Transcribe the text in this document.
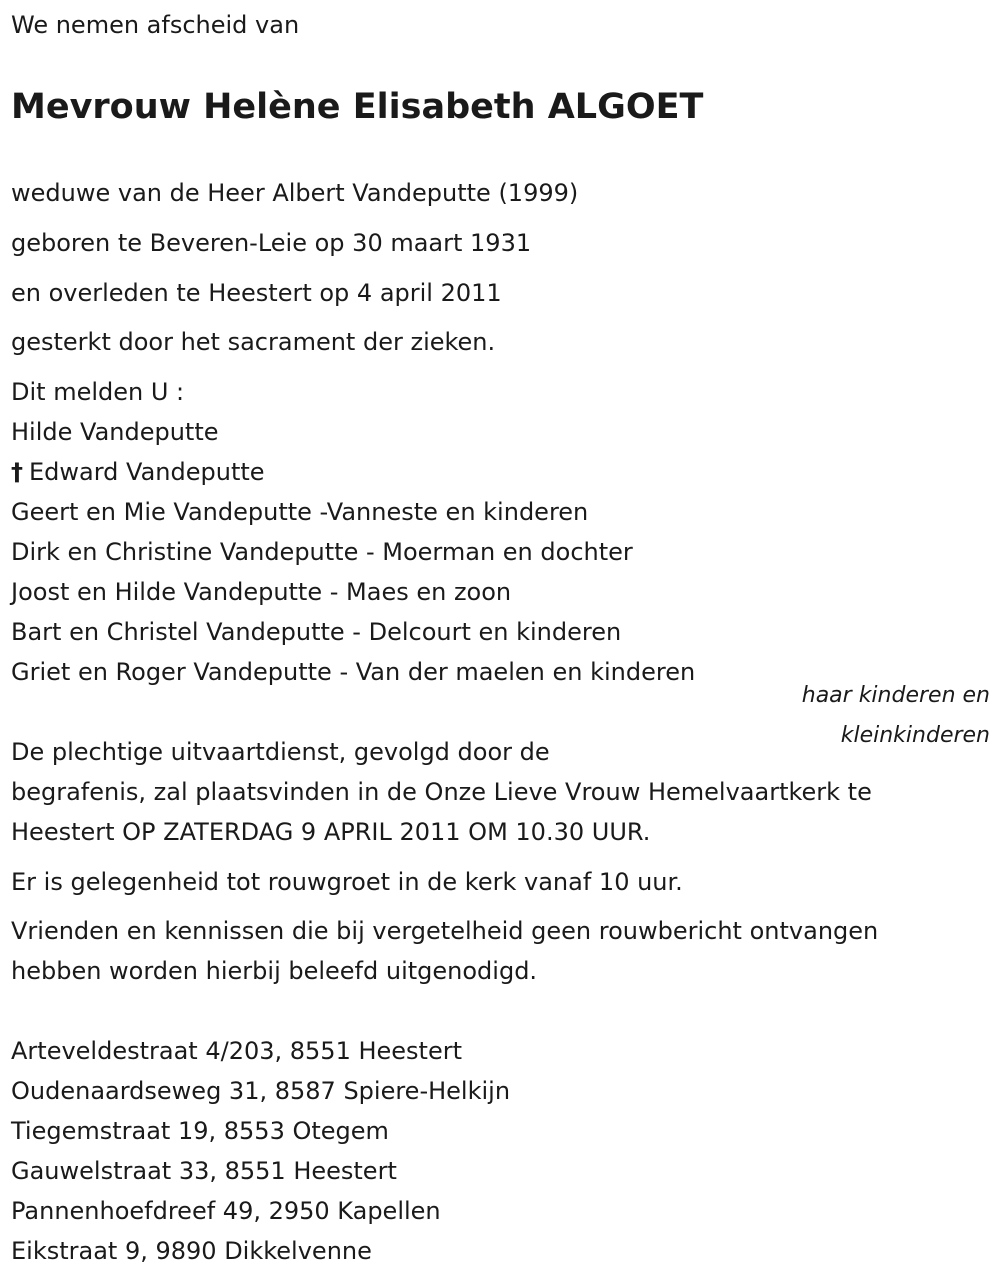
We nemen afscheid van

Mevrouw Helène Elisabeth ALGOET

weduwe van de Heer Albert Vandeputte (1999)

geboren te Beveren-Leie op 30 maart 1931

en overleden te Heestert op 4 april 2011

gesterkt door het sacrament der zieken.

Dit melden U :

Hilde Vandeputte

† Edward Vandeputte

Geert en Mie Vandeputte -Vanneste en kinderen

Dirk en Christine Vandeputte - Moerman en dochter

Joost en Hilde Vandeputte - Maes en zoon

Bart en Christel Vandeputte - Delcourt en kinderen

Griet en Roger Vandeputte - Van der maelen en kinderen

haar kinderen en
kleinkinderen

De plechtige uitvaartdienst, gevolgd door de

begrafenis, zal plaatsvinden in de Onze Lieve Vrouw Hemelvaartkerk te

Heestert OP ZATERDAG 9 APRIL 2011 OM 10.30 UUR.

Er is gelegenheid tot rouwgroet in de kerk vanaf 10 uur.

Vrienden en kennissen die bij vergetelheid geen rouwbericht ontvangen

hebben worden hierbij beleefd uitgenodigd.

Arteveldestraat 4/203, 8551 Heestert

Oudenaardseweg 31, 8587 Spiere-Helkijn

Tiegemstraat 19, 8553 Otegem

Gauwelstraat 33, 8551 Heestert

Pannenhoefdreef 49, 2950 Kapellen

Eikstraat 9, 9890 Dikkelvenne
